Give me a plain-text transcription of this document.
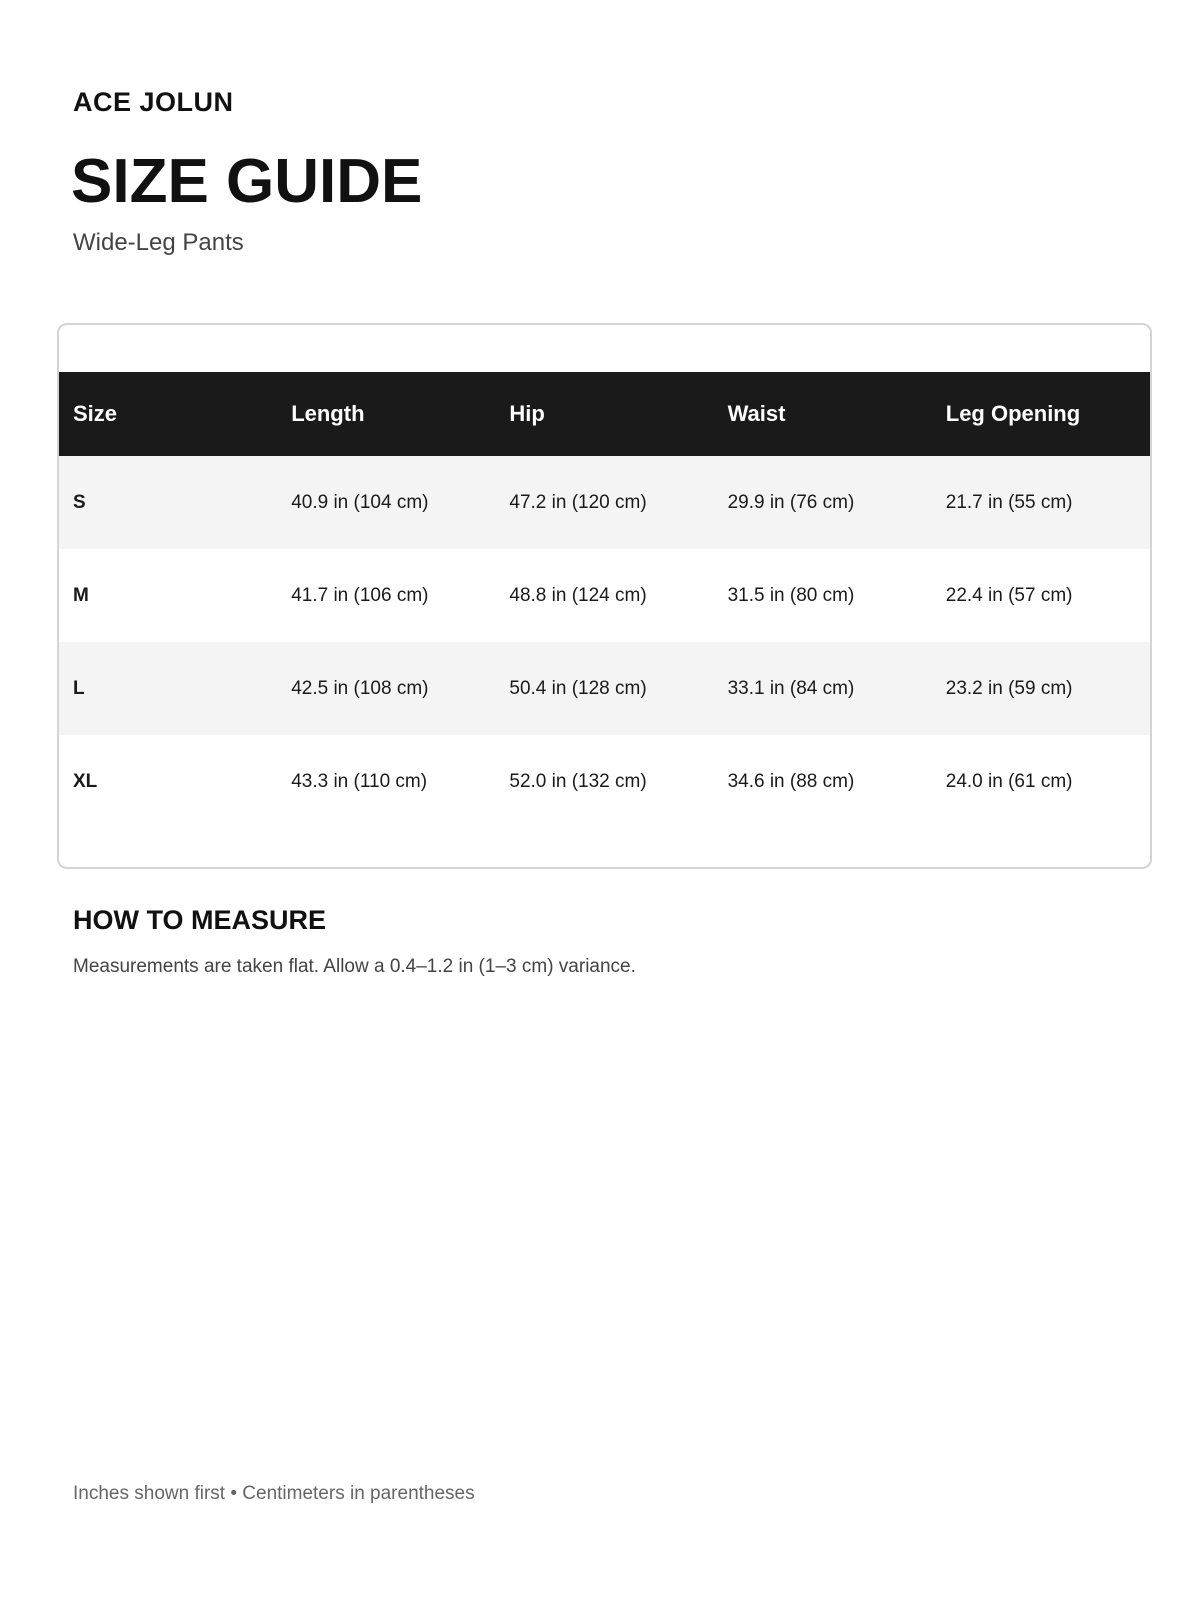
ACE JOLUN
SIZE GUIDE
Wide-Leg Pants
Size	Length	Hip	Waist	Leg Opening
S	40.9 in (104 cm)	47.2 in (120 cm)	29.9 in (76 cm)	21.7 in (55 cm)
M	41.7 in (106 cm)	48.8 in (124 cm)	31.5 in (80 cm)	22.4 in (57 cm)
L	42.5 in (108 cm)	50.4 in (128 cm)	33.1 in (84 cm)	23.2 in (59 cm)
XL	43.3 in (110 cm)	52.0 in (132 cm)	34.6 in (88 cm)	24.0 in (61 cm)
HOW TO MEASURE

Measurements are taken flat. Allow a 0.4–1.2 in (1–3 cm) variance.

Inches shown first • Centimeters in parentheses
